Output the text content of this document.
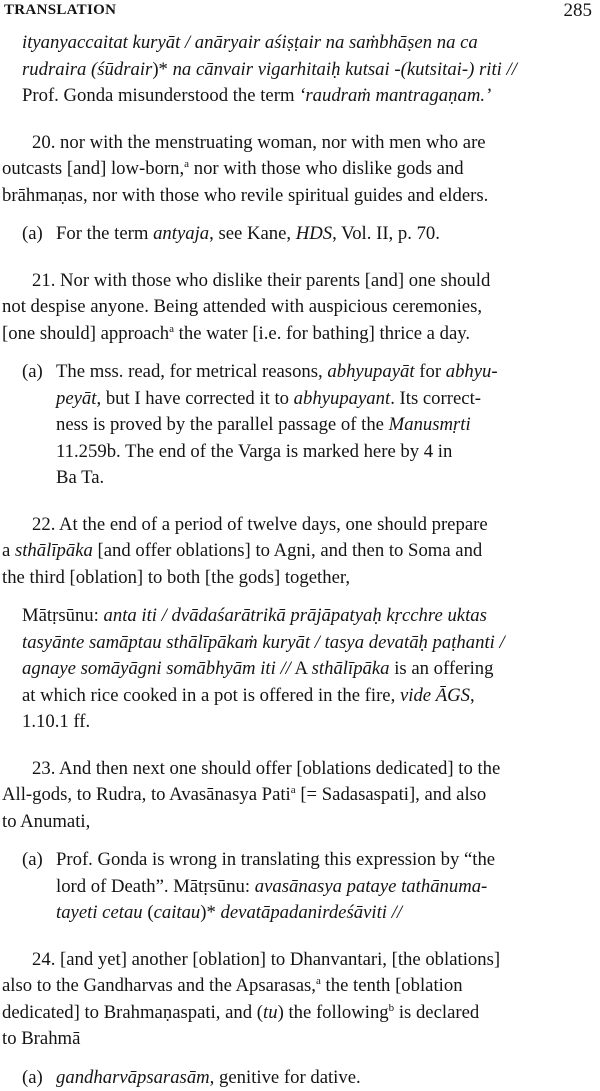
TRANSLATION	285

ityanyaccaitat kuryāt / anāryair aśiṣṭair na saṁbhāṣen na ca

rudraira (śūdrair)* na cānvair vigarhitaiḥ kutsai -(kutsitai-) riti //

Prof. Gonda misunderstood the term ‘raudraṁ mantragaṇam.’

20. nor with the menstruating woman, nor with men who are

outcasts [and] low-born,$^a$ nor with those who dislike gods and

brāhmaṇas, nor with those who revile spiritual guides and elders.

(a) For the term antyaja, see Kane, HDS, Vol. II, p. 70.

21. Nor with those who dislike their parents [and] one should

not despise anyone. Being attended with auspicious ceremonies,

[one should] approach$^a$ the water [i.e. for bathing] thrice a day.

(a) The mss. read, for metrical reasons, abhyupayāt for abhyu-

peyāt, but I have corrected it to abhyupayant. Its correct-

ness is proved by the parallel passage of the Manusmṛti

11.259b. The end of the Varga is marked here by 4 in

Ba Ta.

22. At the end of a period of twelve days, one should prepare

a sthālīpāka [and offer oblations] to Agni, and then to Soma and

the third [oblation] to both [the gods] together,

Mātṛsūnu: anta iti / dvādaśarātrikā prājāpatyaḥ kṛcchre uktas

tasyānte samāptau sthālīpākaṁ kuryāt / tasya devatāḥ paṭhanti /

agnaye somāyāgni somābhyām iti // A sthālīpāka is an offering

at which rice cooked in a pot is offered in the fire, vide ĀGS,

1.10.1 ff.

23. And then next one should offer [oblations dedicated] to the

All-gods, to Rudra, to Avasānasya Pati$^a$ [= Sadasaspati], and also

to Anumati,

(a) Prof. Gonda is wrong in translating this expression by “the

lord of Death”. Mātṛsūnu: avasānasya pataye tathānuma-

tayeti cetau (caitau)* devatāpadanirdeśāviti //

24. [and yet] another [oblation] to Dhanvantari, [the oblations]

also to the Gandharvas and the Apsarasas,$^a$ the tenth [oblation

dedicated] to Brahmaṇaspati, and (tu) the following$^b$ is declared

to Brahmā

(a) gandharvāpsarasām, genitive for dative.
